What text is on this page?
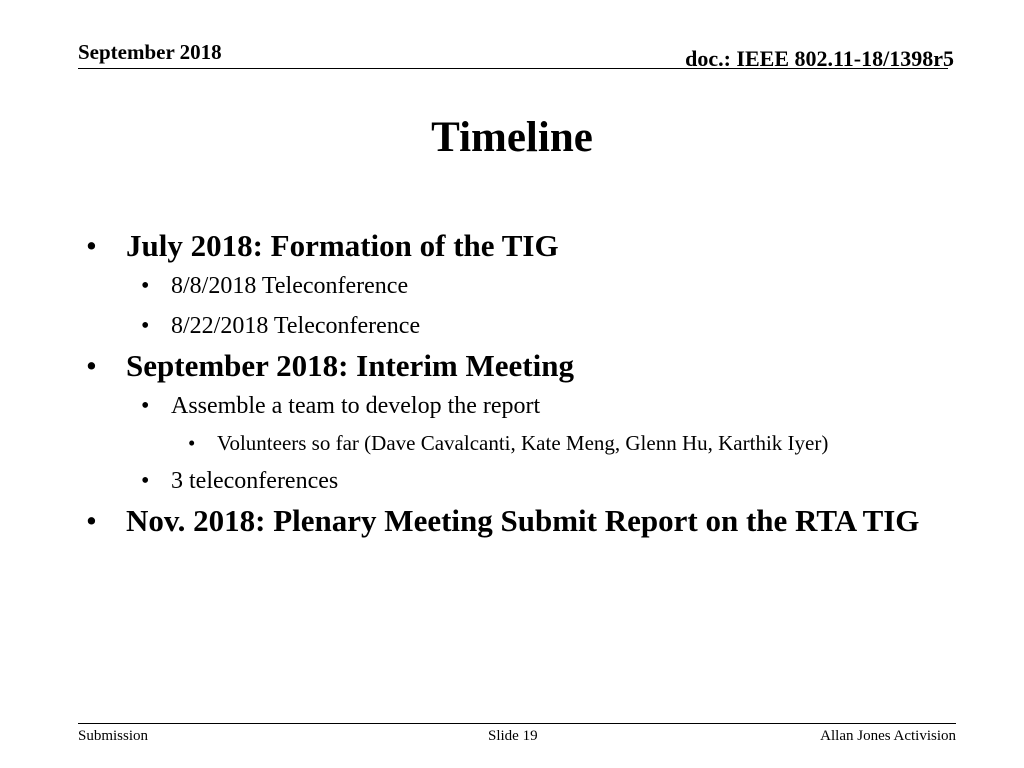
September 2018	doc.: IEEE 802.11-18/1398r5
Timeline
• July 2018: Formation of the TIG
• 8/8/2018 Teleconference
• 8/22/2018 Teleconference
• September 2018: Interim Meeting
• Assemble a team to develop the report
• Volunteers so far (Dave Cavalcanti, Kate Meng, Glenn Hu, Karthik Iyer)
• 3 teleconferences
• Nov. 2018: Plenary Meeting Submit Report on the RTA TIG
Submission	Slide 19	Allan Jones Activision
